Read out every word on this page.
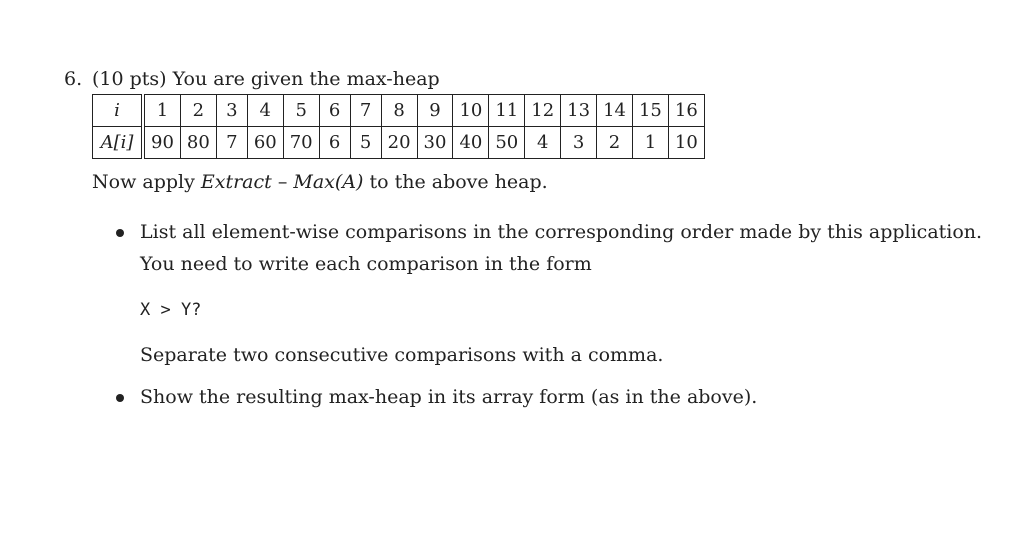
6. (10 pts) You are given the max-heap
i	1	2	3	4	5	6	7	8	9	10	11	12	13	14	15	16
A[i]	90	80	7	60	70	6	5	20	30	40	50	4	3	2	1	10
Now apply Extract – Max(A) to the above heap.
List all element-wise comparisons in the corresponding order made by this application.
You need to write each comparison in the form
X > Y?
Separate two consecutive comparisons with a comma.
Show the resulting max-heap in its array form (as in the above).
